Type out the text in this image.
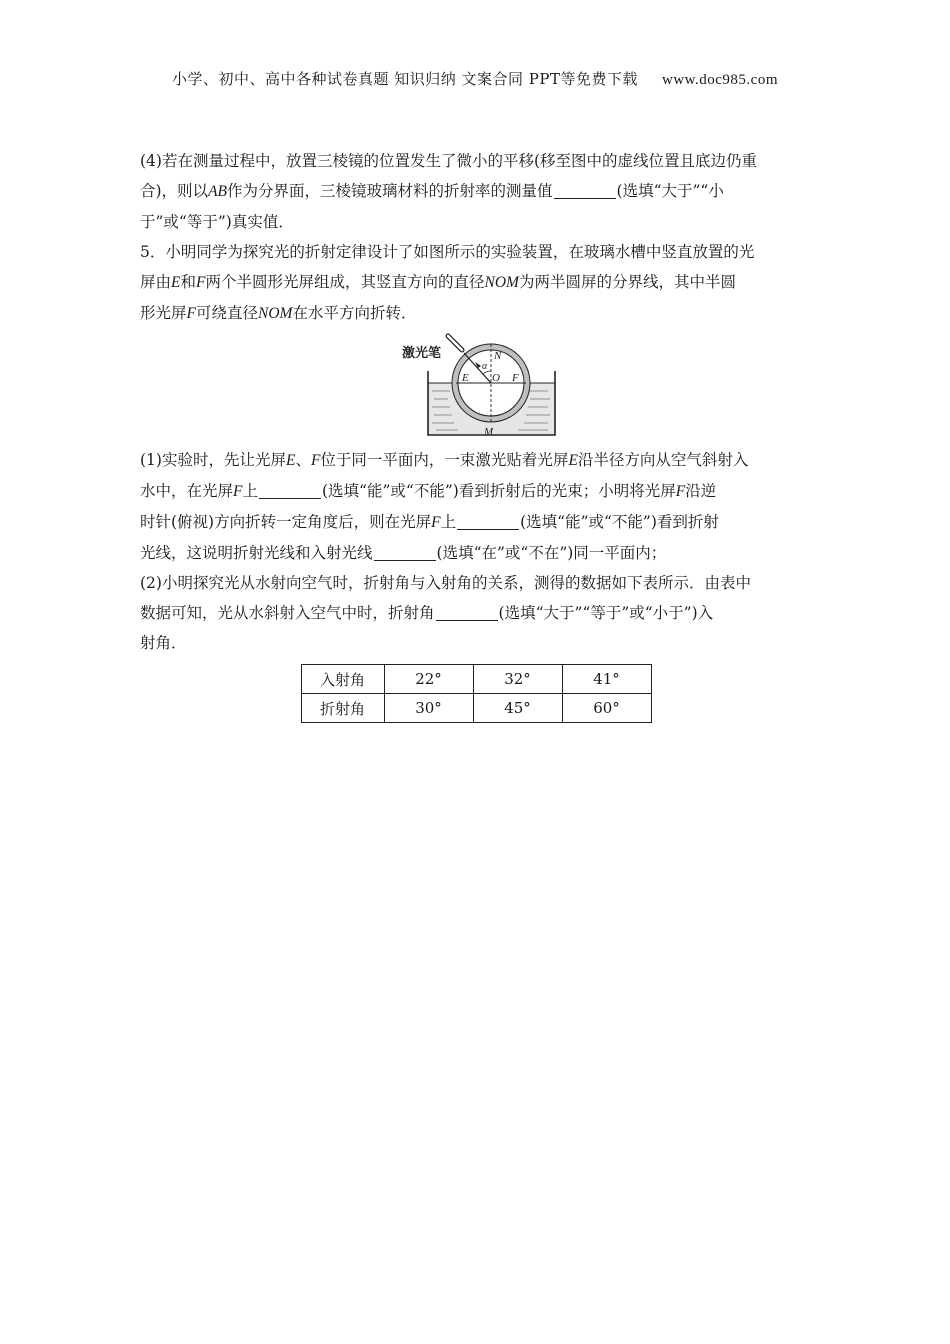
小学、初中、高中各种试卷真题 知识归纳 文案合同 PPT等免费下载 www.doc985.com

(4)若在测量过程中，放置三棱镜的位置发生了微小的平移(移至图中的虚线位置且底边仍重
合)，则以AB作为分界面，三棱镜玻璃材料的折射率的测量值	(选填“大于”“小
于”或“等于”)真实值．

5．小明同学为探究光的折射定律设计了如图所示的实验装置，在玻璃水槽中竖直放置的光
屏由E和F两个半圆形光屏组成，其竖直方向的直径NOM为两半圆屏的分界线，其中半圆
形光屏F可绕直径NOM在水平方向折转．

激光笔	N
α
E O F
M

(1)实验时，先让光屏E、F位于同一平面内，一束激光贴着光屏E沿半径方向从空气斜射入
水中，在光屏F上	(选填“能”或“不能”)看到折射后的光束；小明将光屏F沿逆
时针(俯视)方向折转一定角度后，则在光屏F上	(选填“能”或“不能”)看到折射
光线，这说明折射光线和入射光线	(选填“在”或“不在”)同一平面内；

(2)小明探究光从水射向空气时，折射角与入射角的关系，测得的数据如下表所示．由表中
数据可知，光从水斜射入空气中时，折射角	(选填“大于”“等于”或“小于”)入
射角．

入射角	22°	32°	41°
折射角	30°	45°	60°
